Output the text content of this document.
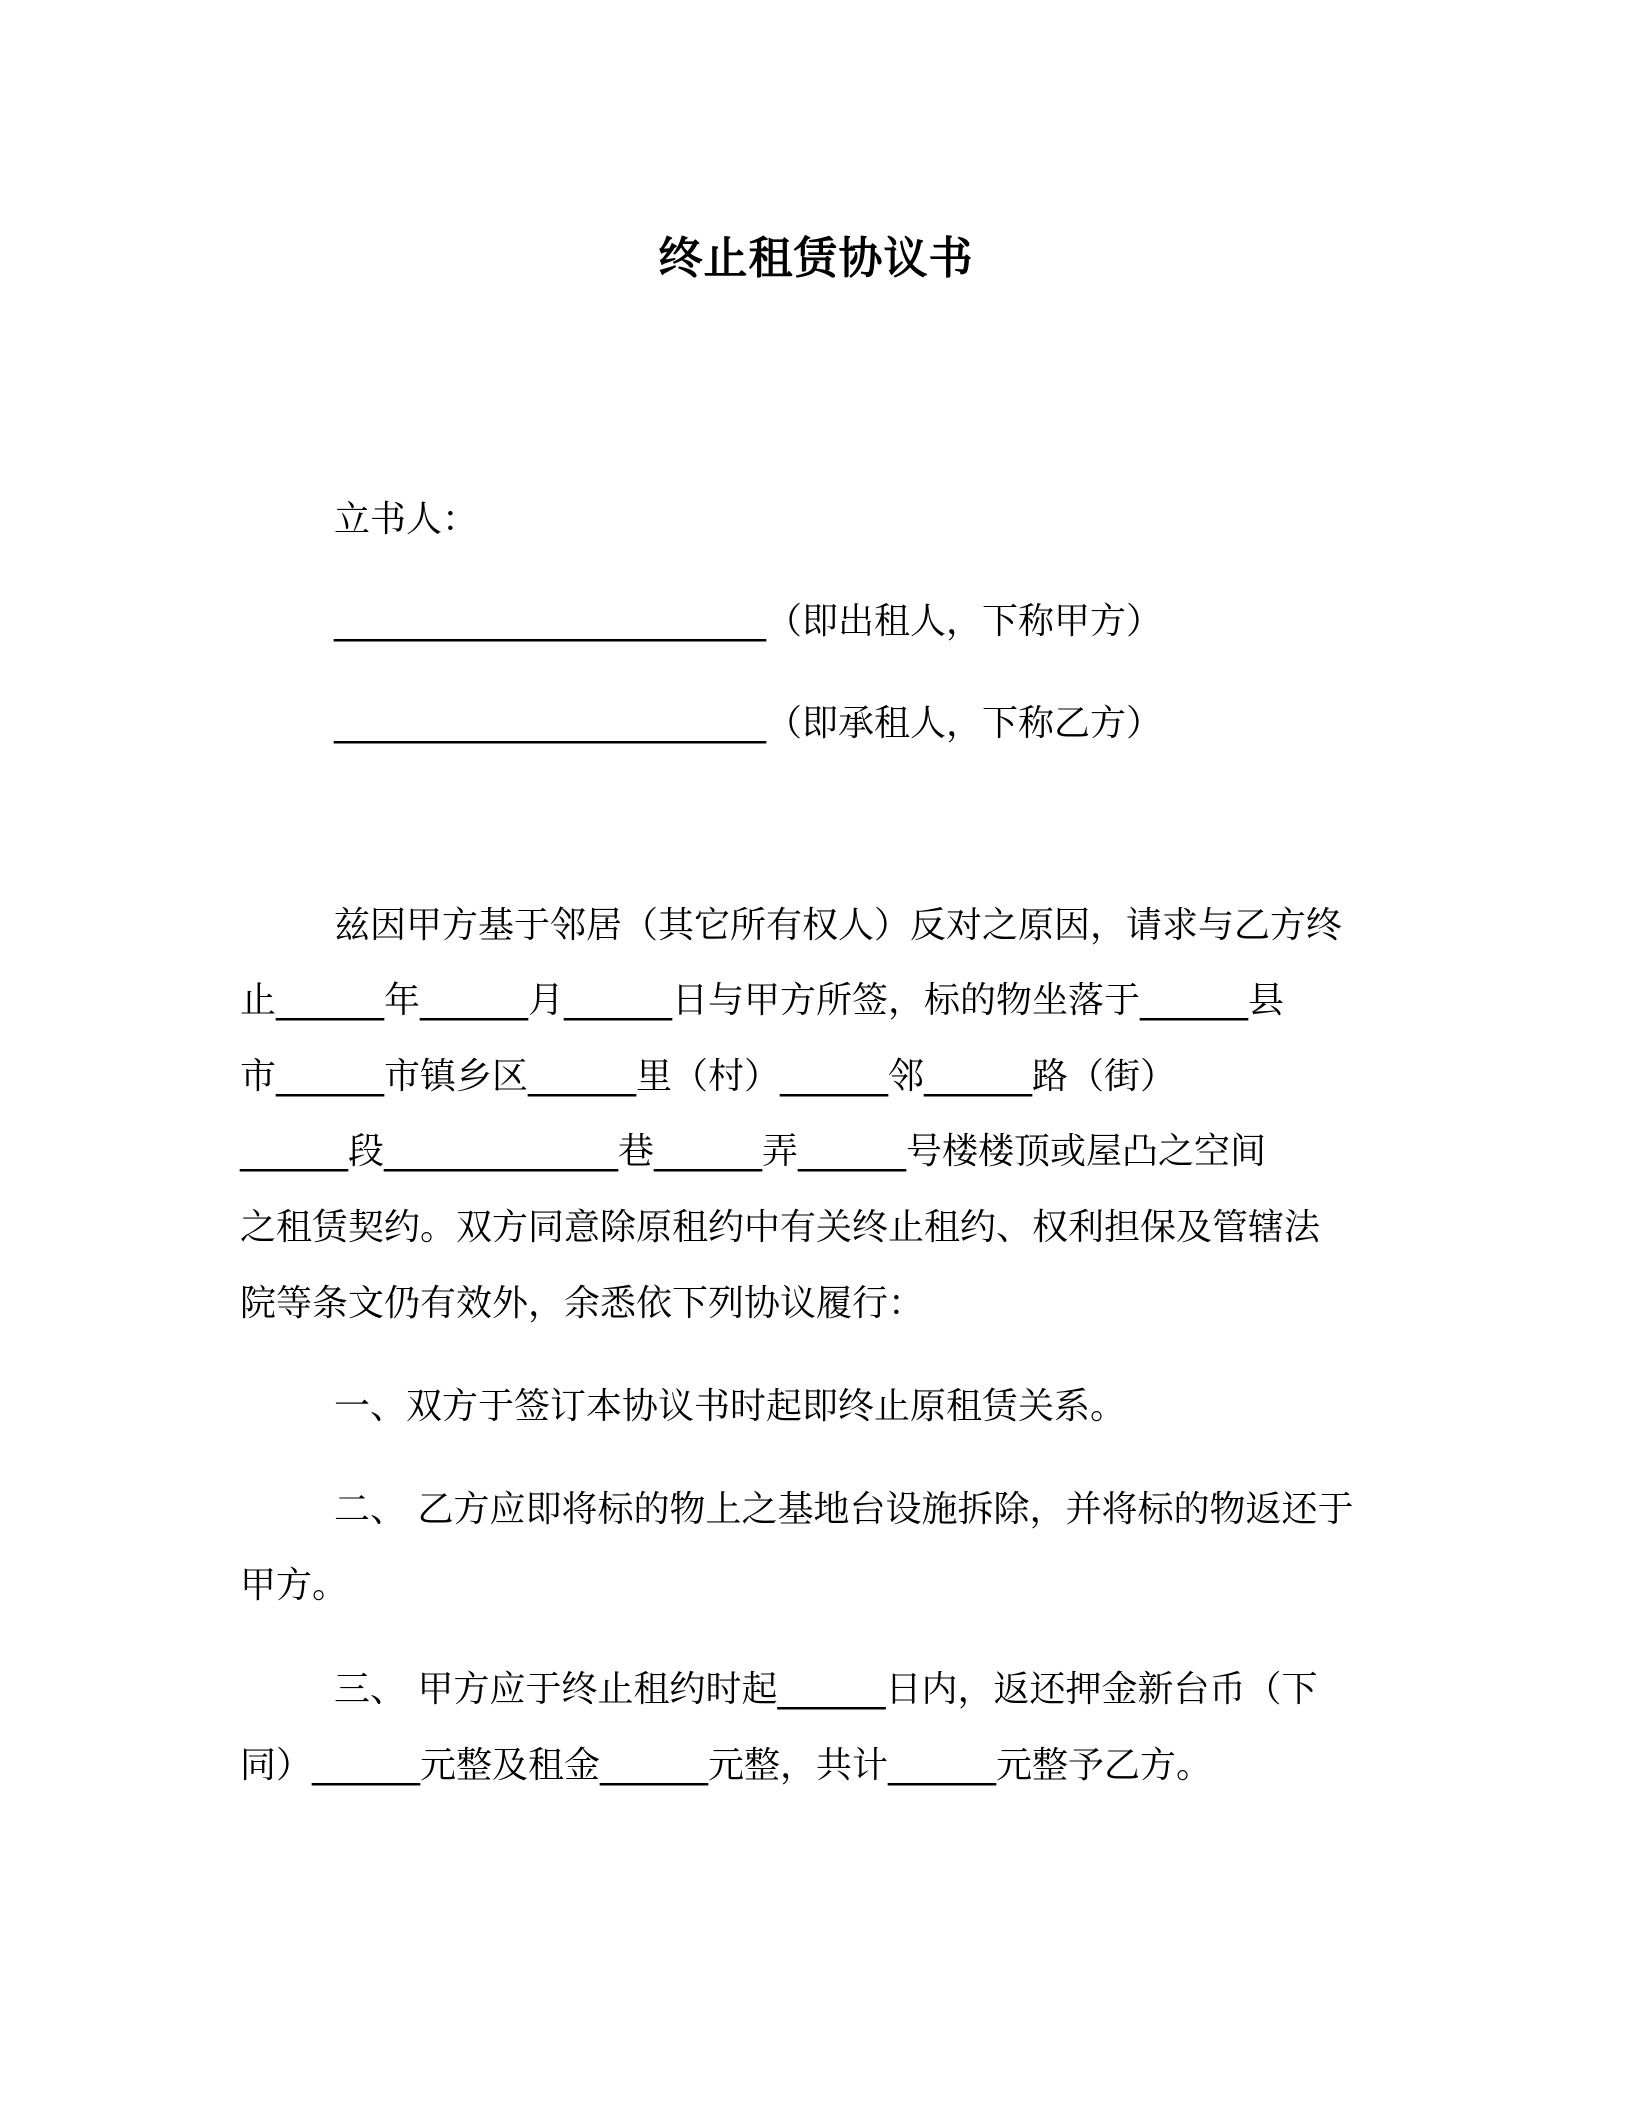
终止租赁协议书
立书人：
________________________（即出租人，下称甲方）
________________________（即承租人，下称乙方）
兹因甲方基于邻居（其它所有权人）反对之原因，请求与乙方终
止______年______月______日与甲方所签，标的物坐落于______县
市______市镇乡区______里（村）______邻______路（街）
______段_____________巷______弄______号楼楼顶或屋凸之空间
之租赁契约。双方同意除原租约中有关终止租约、权利担保及管辖法
院等条文仍有效外，余悉依下列协议履行：
一、双方于签订本协议书时起即终止原租赁关系。
二、 乙方应即将标的物上之基地台设施拆除，并将标的物返还于
甲方。
三、 甲方应于终止租约时起______日内，返还押金新台币（下
同）______元整及租金______元整，共计______元整予乙方。
